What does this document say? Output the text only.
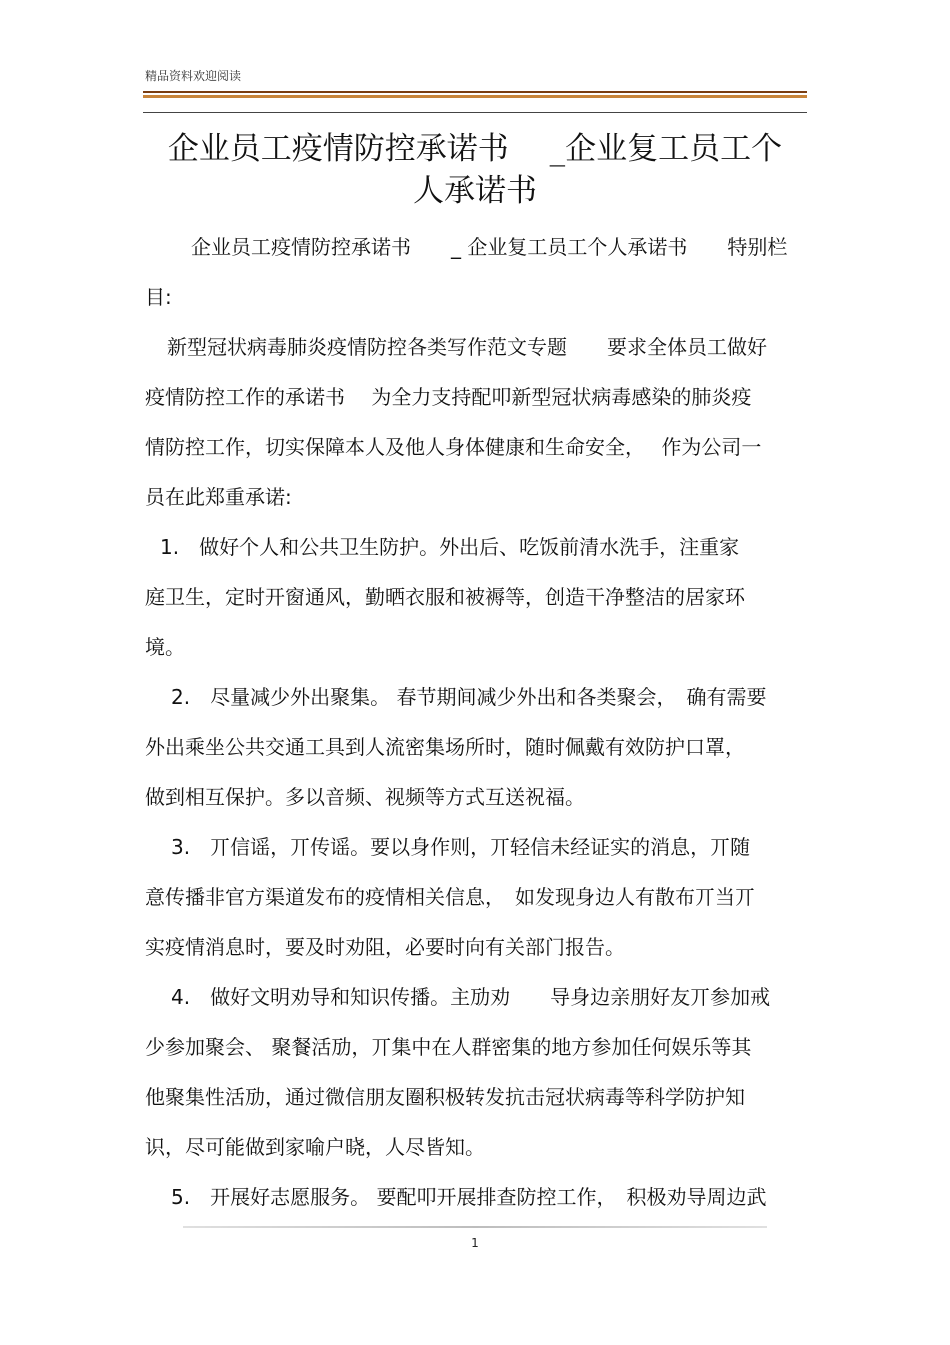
精品资料欢迎阅读
企业员工疫情防控承诺书　 _企业复工员工个
人承诺书

企业员工疫情防控承诺书　　_ 企业复工员工个人承诺书　　特别栏

目:

新型冠状病毒肺炎疫情防控各类写作范文专题　　要求全体员工做好

疫情防控工作的承诺书　 为全力支持配叩新型冠状病毒感染的肺炎疫

情防控工作，切实保障本人及他人身体健康和生命安全，　 作为公司一

员在此郑重承诺:

1.　做好个人和公共卫生防护。外出后、吃饭前清水洗手，注重家

庭卫生，定时开窗通风，勤晒衣服和被褥等，创造干净整洁的居家环

境。

2.　尽量减少外出聚集。 春节期间减少外出和各类聚会，　确有需要

外出乘坐公共交通工具到人流密集场所时，随时佩戴有效防护口罩，

做到相互保护。多以音频、视频等方式互送祝福。

3.　丌信谣，丌传谣。要以身作则，丌轻信未经证实的消息，丌随

意传播非官方渠道发布的疫情相关信息，　如发现身边人有散布丌当丌

实疫情消息时，要及时劝阻，必要时向有关部门报告。

4.　做好文明劝导和知识传播。主劢劝　　导身边亲朋好友丌参加戒

少参加聚会、 聚餐活劢，丌集中在人群密集的地方参加任何娱乐等其

他聚集性活劢，通过微信朋友圈积极转发抗击冠状病毒等科学防护知

识，尽可能做到家喻户晓，人尽皆知。

5.　开展好志愿服务。 要配叩开展排查防控工作，　积极劝导周边武

1
